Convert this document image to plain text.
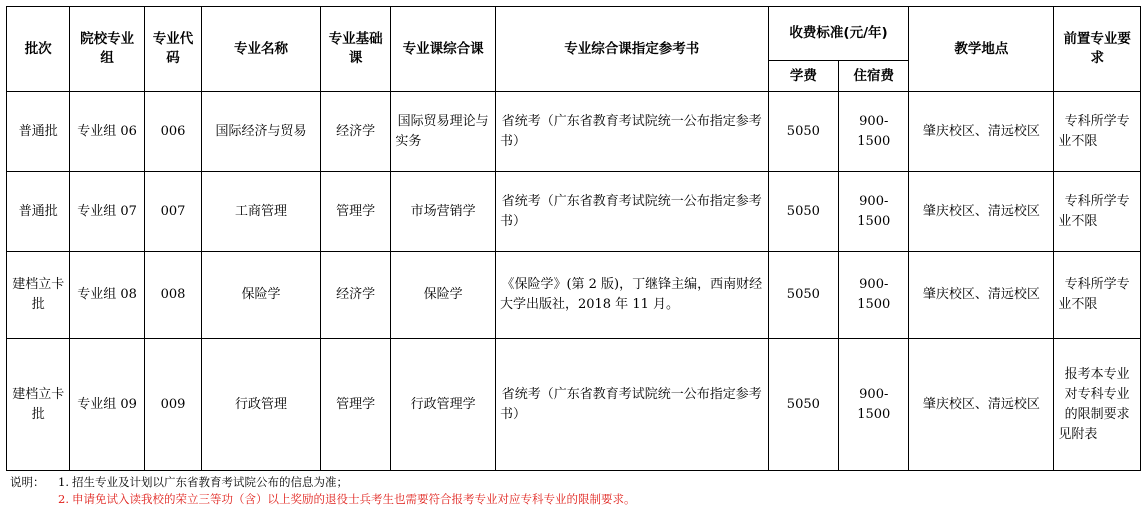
批次	院校专业组	专业代码	专业名称	专业基础课	专业课综合课	专业综合课指定参考书	收费标准(元/年)		教学地点	前置专业要求
							学费	住宿费		
普通批	专业组 06	006	国际经济与贸易	经济学	国际贸易理论与实务	省统考（广东省教育考试院统一公布指定参考书）	5050	900-1500	肇庆校区、清远校区	专科所学专业不限
普通批	专业组 07	007	工商管理	管理学	市场营销学	省统考（广东省教育考试院统一公布指定参考书）	5050	900-1500	肇庆校区、清远校区	专科所学专业不限
建档立卡批	专业组 08	008	保险学	经济学	保险学	《保险学》(第 2 版)，丁继锋主编，西南财经大学出版社，2018 年 11 月。	5050	900-1500	肇庆校区、清远校区	专科所学专业不限
建档立卡批	专业组 09	009	行政管理	管理学	行政管理学	省统考（广东省教育考试院统一公布指定参考书）	5050	900-1500	肇庆校区、清远校区	报考本专业对专科专业的限制要求见附表
说明：	1. 招生专业及计划以广东省教育考试院公布的信息为准；
2. 申请免试入读我校的荣立三等功（含）以上奖励的退役士兵考生也需要符合报考专业对应专科专业的限制要求。
